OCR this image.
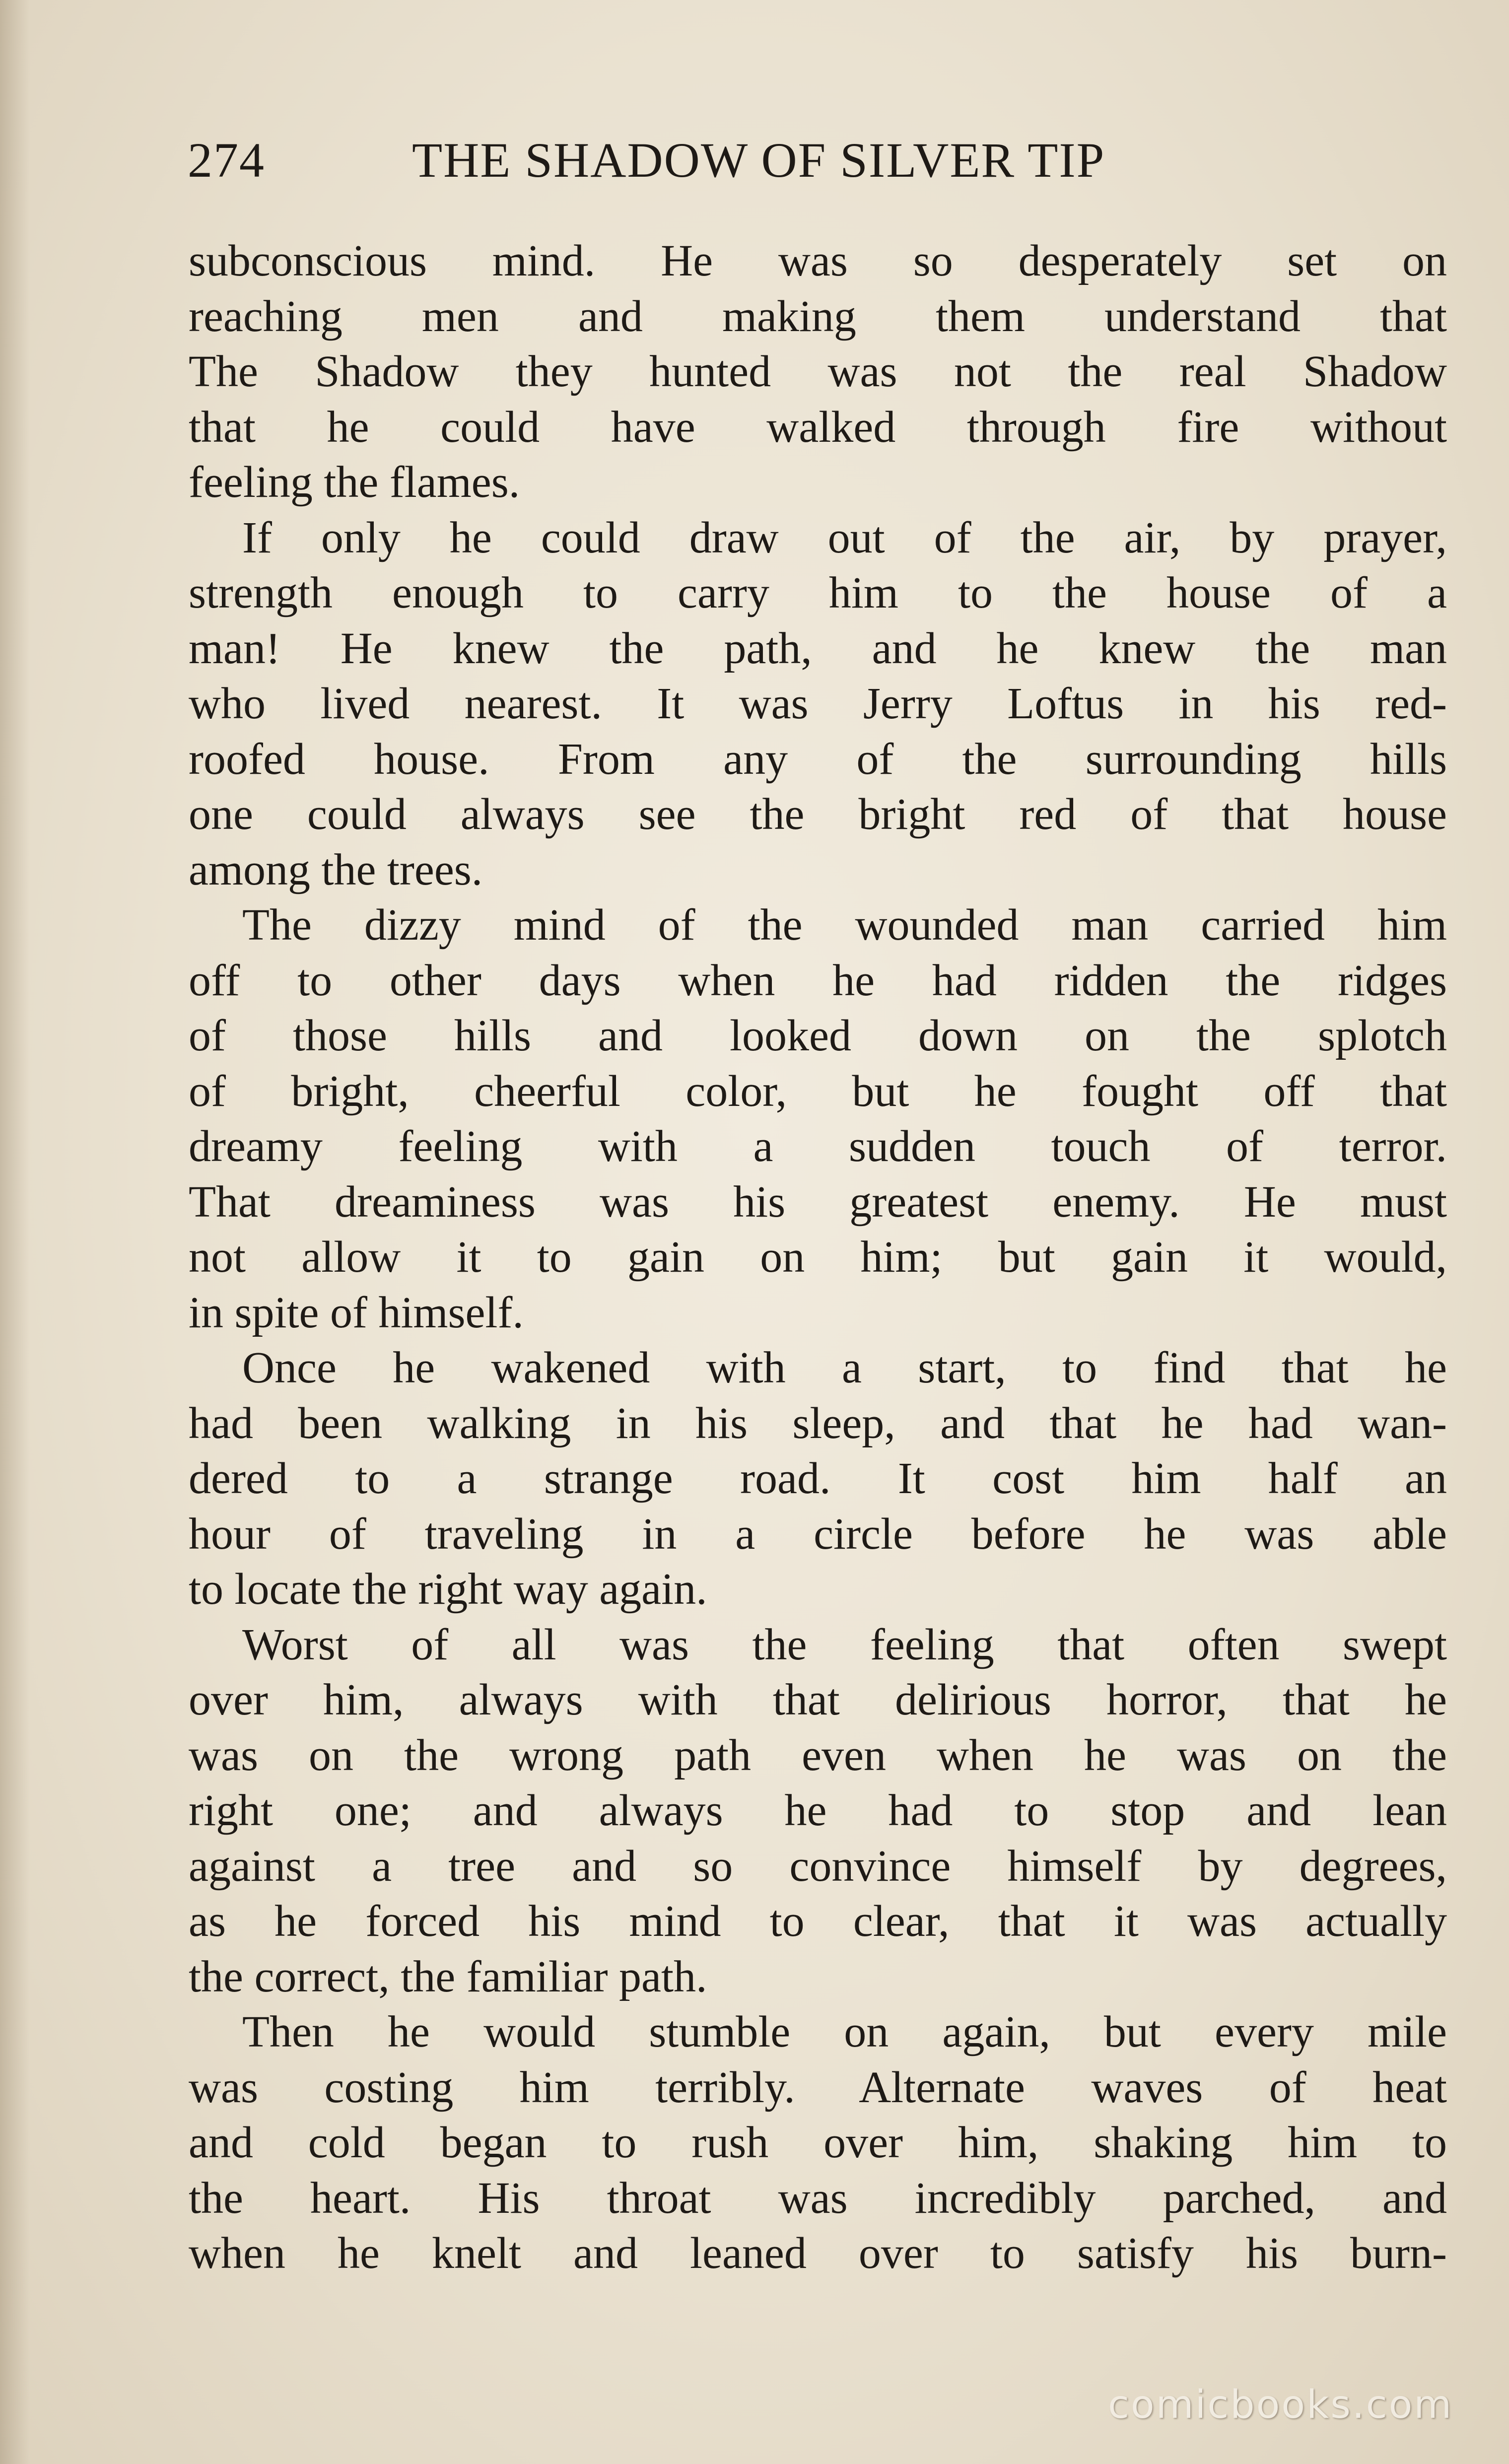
274	THE SHADOW OF SILVER TIP
subconscious mind. He was so desperately set on
reaching men and making them understand that
The Shadow they hunted was not the real Shadow
that he could have walked through fire without
feeling the flames.
If only he could draw out of the air, by prayer,
strength enough to carry him to the house of a
man! He knew the path, and he knew the man
who lived nearest. It was Jerry Loftus in his red-
roofed house. From any of the surrounding hills
one could always see the bright red of that house
among the trees.
The dizzy mind of the wounded man carried him
off to other days when he had ridden the ridges
of those hills and looked down on the splotch
of bright, cheerful color, but he fought off that
dreamy feeling with a sudden touch of terror.
That dreaminess was his greatest enemy. He must
not allow it to gain on him; but gain it would,
in spite of himself.
Once he wakened with a start, to find that he
had been walking in his sleep, and that he had wan-
dered to a strange road. It cost him half an
hour of traveling in a circle before he was able
to locate the right way again.
Worst of all was the feeling that often swept
over him, always with that delirious horror, that he
was on the wrong path even when he was on the
right one; and always he had to stop and lean
against a tree and so convince himself by degrees,
as he forced his mind to clear, that it was actually
the correct, the familiar path.
Then he would stumble on again, but every mile
was costing him terribly. Alternate waves of heat
and cold began to rush over him, shaking him to
the heart. His throat was incredibly parched, and
when he knelt and leaned over to satisfy his burn-
comicbooks.com
